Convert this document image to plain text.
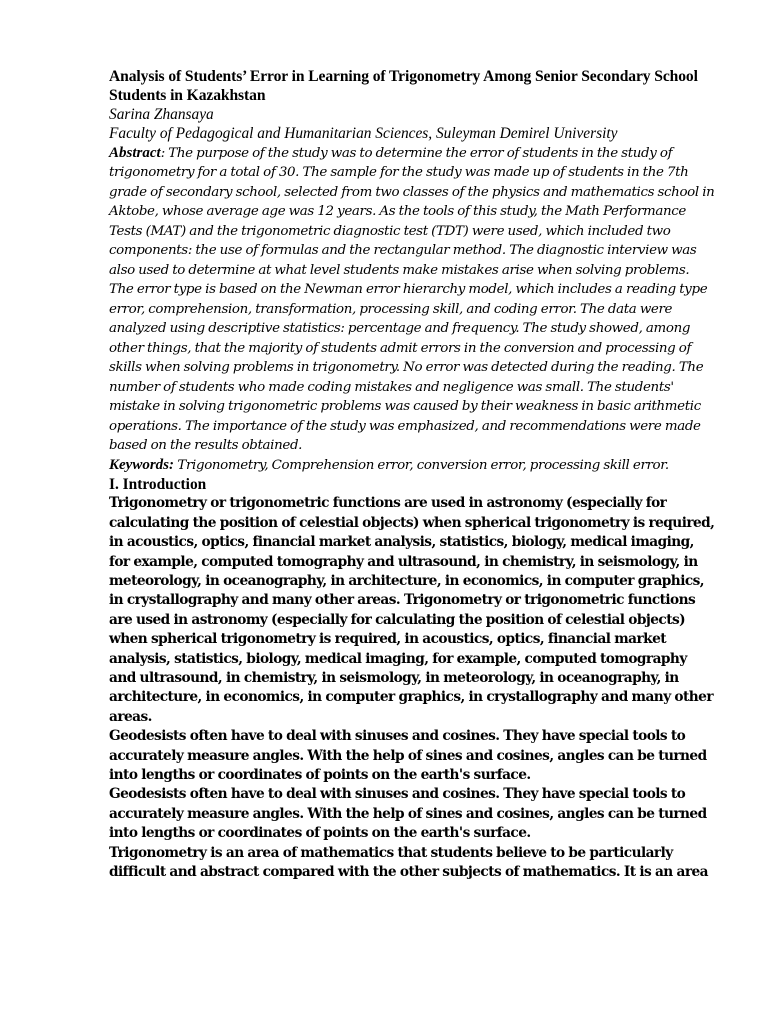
Analysis of Students’ Error in Learning of Trigonometry Among Senior Secondary School Students in Kazakhstan

Sarina Zhansaya

Faculty of Pedagogical and Humanitarian Sciences, Suleyman Demirel University

Abstract: The purpose of the study was to determine the error of students in the study of trigonometry for a total of 30. The sample for the study was made up of students in the 7th grade of secondary school, selected from two classes of the physics and mathematics school in Aktobe, whose average age was 12 years. As the tools of this study, the Math Performance Tests (MAT) and the trigonometric diagnostic test (TDT) were used, which included two components: the use of formulas and the rectangular method. The diagnostic interview was also used to determine at what level students make mistakes arise when solving problems. The error type is based on the Newman error hierarchy model, which includes a reading type error, comprehension, transformation, processing skill, and coding error. The data were analyzed using descriptive statistics: percentage and frequency. The study showed, among other things, that the majority of students admit errors in the conversion and processing of skills when solving problems in trigonometry. No error was detected during the reading. The number of students who made coding mistakes and negligence was small. The students' mistake in solving trigonometric problems was caused by their weakness in basic arithmetic operations. The importance of the study was emphasized, and recommendations were made based on the results obtained.

Keywords: Trigonometry, Comprehension error, conversion error, processing skill error.

I. Introduction

Trigonometry or trigonometric functions are used in astronomy (especially for calculating the position of celestial objects) when spherical trigonometry is required, in acoustics, optics, financial market analysis, statistics, biology, medical imaging, for example, computed tomography and ultrasound, in chemistry, in seismology, in meteorology, in oceanography, in architecture, in economics, in computer graphics, in crystallography and many other areas. Trigonometry or trigonometric functions are used in astronomy (especially for calculating the position of celestial objects) when spherical trigonometry is required, in acoustics, optics, financial market analysis, statistics, biology, medical imaging, for example, computed tomography and ultrasound, in chemistry, in seismology, in meteorology, in oceanography, in architecture, in economics, in computer graphics, in crystallography and many other areas.

Geodesists often have to deal with sinuses and cosines. They have special tools to accurately measure angles. With the help of sines and cosines, angles can be turned into lengths or coordinates of points on the earth's surface.

Geodesists often have to deal with sinuses and cosines. They have special tools to accurately measure angles. With the help of sines and cosines, angles can be turned into lengths or coordinates of points on the earth's surface.

Trigonometry is an area of mathematics that students believe to be particularly difficult and abstract compared with the other subjects of mathematics. It is an area
